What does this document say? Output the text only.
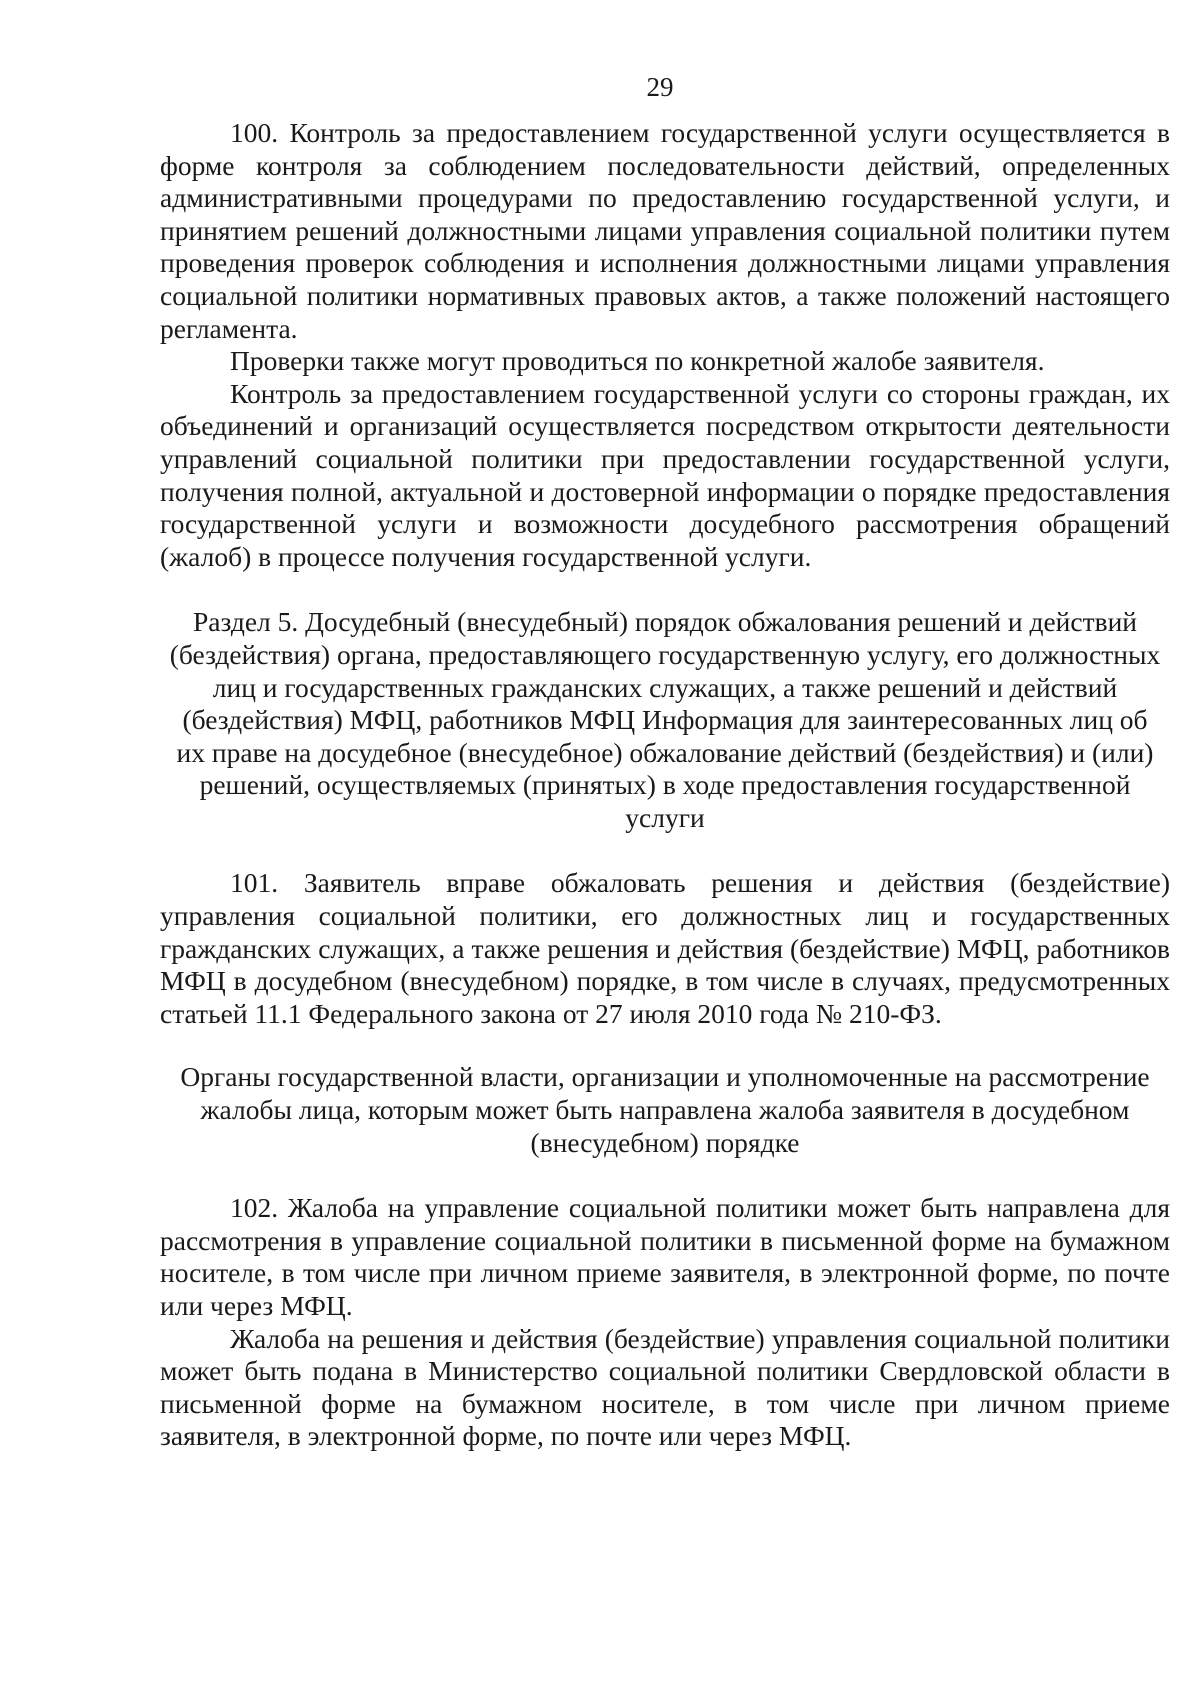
29

100. Контроль за предоставлением государственной услуги осуществляется в форме контроля за соблюдением последовательности действий, определенных административными процедурами по предоставлению государственной услуги, и принятием решений должностными лицами управления социальной политики путем проведения проверок соблюдения и исполнения должностными лицами управления социальной политики нормативных правовых актов, а также положений настоящего регламента.

Проверки также могут проводиться по конкретной жалобе заявителя.

Контроль за предоставлением государственной услуги со стороны граждан, их объединений и организаций осуществляется посредством открытости деятельности управлений социальной политики при предоставлении государственной услуги, получения полной, актуальной и достоверной информации о порядке предоставления государственной услуги и возможности досудебного рассмотрения обращений (жалоб) в процессе получения государственной услуги.

Раздел 5. Досудебный (внесудебный) порядок обжалования решений и действий (бездействия) органа, предоставляющего государственную услугу, его должностных лиц и государственных гражданских служащих, а также решений и действий (бездействия) МФЦ, работников МФЦ Информация для заинтересованных лиц об их праве на досудебное (внесудебное) обжалование действий (бездействия) и (или) решений, осуществляемых (принятых) в ходе предоставления государственной услуги

101. Заявитель вправе обжаловать решения и действия (бездействие) управления социальной политики, его должностных лиц и государственных гражданских служащих, а также решения и действия (бездействие) МФЦ, работников МФЦ в досудебном (внесудебном) порядке, в том числе в случаях, предусмотренных статьей 11.1 Федерального закона от 27 июля 2010 года № 210-ФЗ.

Органы государственной власти, организации и уполномоченные на рассмотрение жалобы лица, которым может быть направлена жалоба заявителя в досудебном (внесудебном) порядке

102. Жалоба на управление социальной политики может быть направлена для рассмотрения в управление социальной политики в письменной форме на бумажном носителе, в том числе при личном приеме заявителя, в электронной форме, по почте или через МФЦ.

Жалоба на решения и действия (бездействие) управления социальной политики может быть подана в Министерство социальной политики Свердловской области в письменной форме на бумажном носителе, в том числе при личном приеме заявителя, в электронной форме, по почте или через МФЦ.
